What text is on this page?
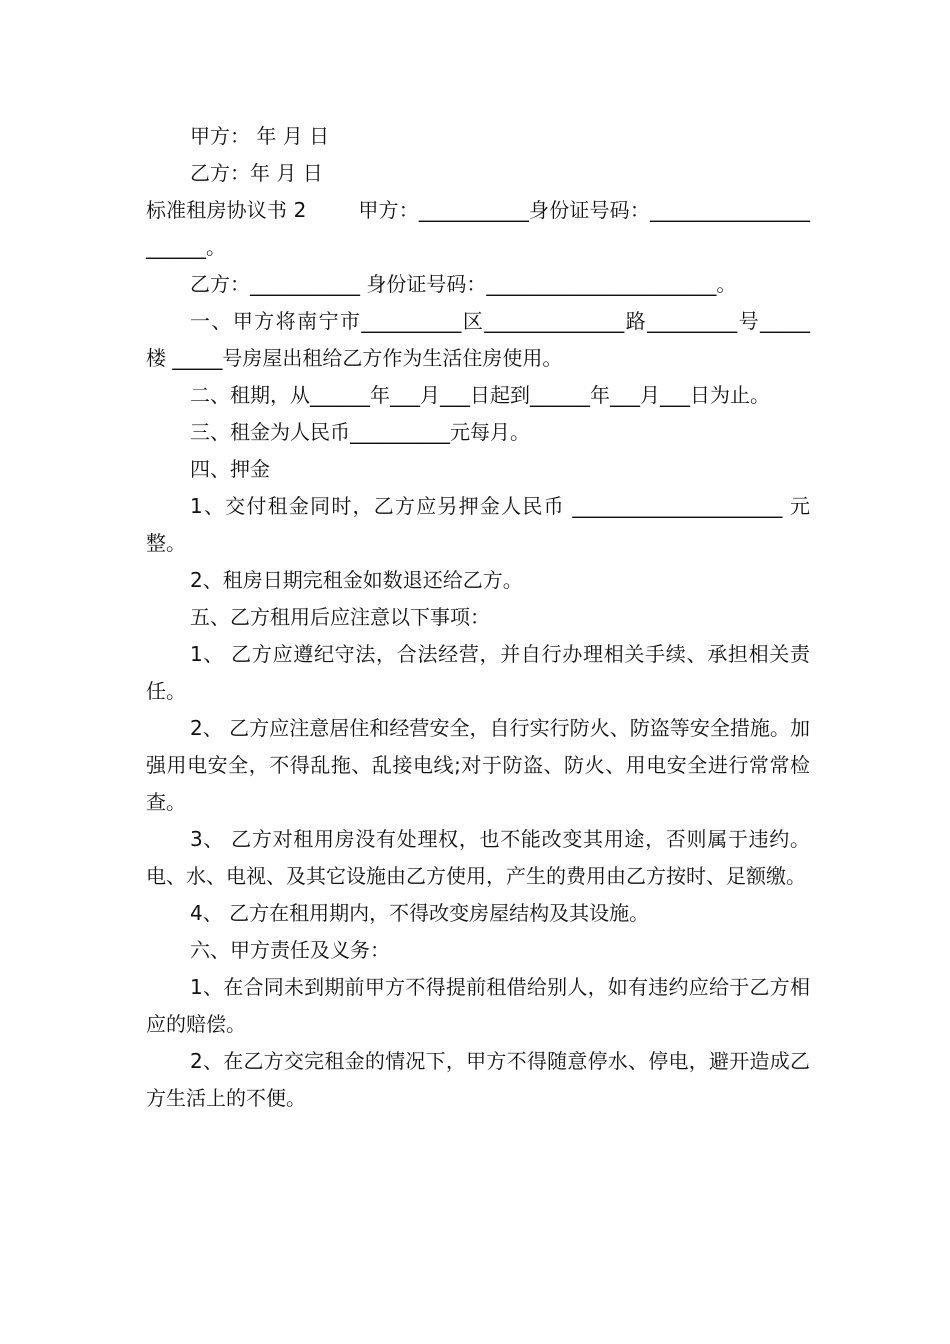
甲方： 年 月 日

乙方：年 月 日

标准租房协议书 2        甲方：___________身份证号码：______________________。

乙方：___________ 身份证号码：_______________________。

一、甲方将南宁市__________区______________路_________号_____ 楼 _____号房屋出租给乙方作为生活住房使用。

二、租期，从______年___月___日起到______年___月___日为止。

三、租金为人民币__________元每月。

四、押金

1、交付租金同时，乙方应另押金人民币 _____________________ 元整。

2、租房日期完租金如数退还给乙方。

五、乙方租用后应注意以下事项：

1、 乙方应遵纪守法，合法经营，并自行办理相关手续、承担相关责任。

2、 乙方应注意居住和经营安全，自行实行防火、防盗等安全措施。加强用电安全，不得乱拖、乱接电线;对于防盗、防火、用电安全进行常常检查。

3、 乙方对租用房没有处理权，也不能改变其用途，否则属于违约。电、水、电视、及其它设施由乙方使用，产生的费用由乙方按时、足额缴。

4、 乙方在租用期内，不得改变房屋结构及其设施。

六、甲方责任及义务：

1、在合同未到期前甲方不得提前租借给别人，如有违约应给于乙方相应的赔偿。

2、在乙方交完租金的情况下，甲方不得随意停水、停电，避开造成乙方生活上的不便。
